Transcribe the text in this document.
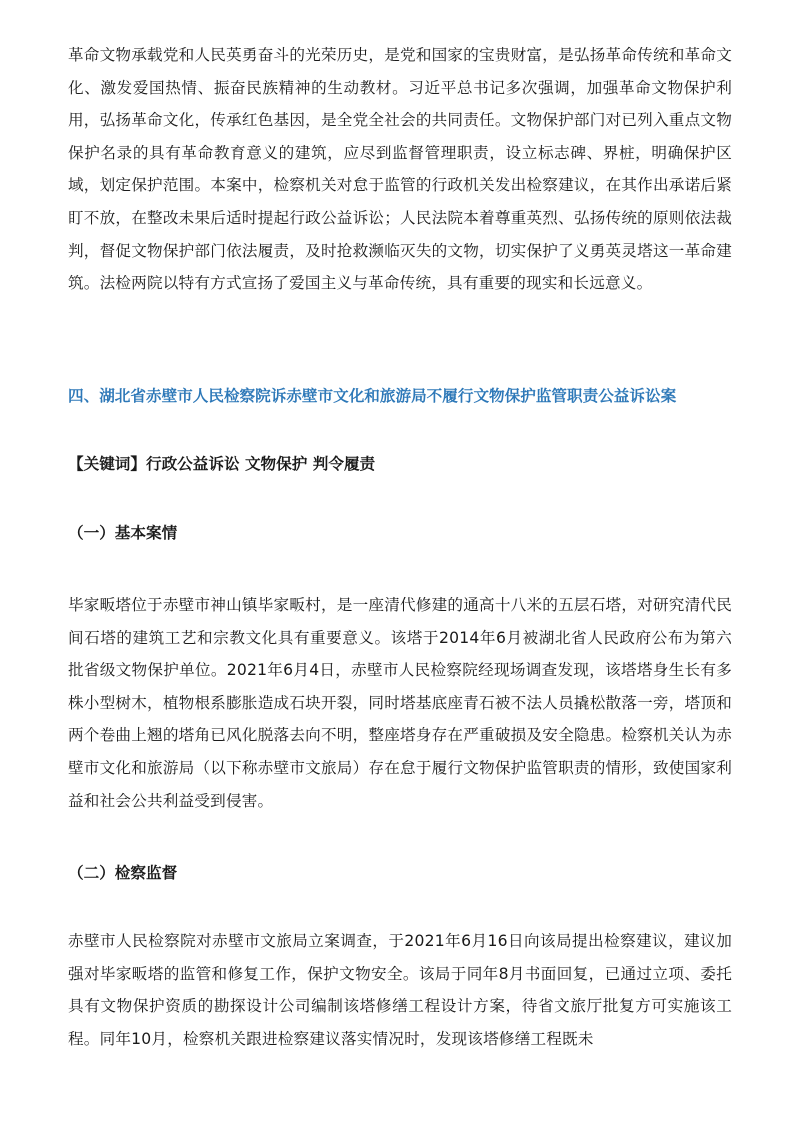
革命文物承载党和人民英勇奋斗的光荣历史，是党和国家的宝贵财富，是弘扬革命传统和革命文化、激发爱国热情、振奋民族精神的生动教材。习近平总书记多次强调，加强革命文物保护利用，弘扬革命文化，传承红色基因，是全党全社会的共同责任。文物保护部门对已列入重点文物保护名录的具有革命教育意义的建筑，应尽到监督管理职责，设立标志碑、界桩，明确保护区域，划定保护范围。本案中，检察机关对怠于监管的行政机关发出检察建议，在其作出承诺后紧盯不放，在整改未果后适时提起行政公益诉讼；人民法院本着尊重英烈、弘扬传统的原则依法裁判，督促文物保护部门依法履责，及时抢救濒临灭失的文物，切实保护了义勇英灵塔这一革命建筑。法检两院以特有方式宣扬了爱国主义与革命传统，具有重要的现实和长远意义。

四、湖北省赤壁市人民检察院诉赤壁市文化和旅游局不履行文物保护监管职责公益诉讼案

【关键词】行政公益诉讼 文物保护 判令履责

（一）基本案情

毕家畈塔位于赤壁市神山镇毕家畈村，是一座清代修建的通高十八米的五层石塔，对研究清代民间石塔的建筑工艺和宗教文化具有重要意义。该塔于2014年6月被湖北省人民政府公布为第六批省级文物保护单位。2021年6月4日，赤壁市人民检察院经现场调查发现，该塔塔身生长有多株小型树木，植物根系膨胀造成石块开裂，同时塔基底座青石被不法人员撬松散落一旁，塔顶和两个卷曲上翘的塔角已风化脱落去向不明，整座塔身存在严重破损及安全隐患。检察机关认为赤壁市文化和旅游局（以下称赤壁市文旅局）存在怠于履行文物保护监管职责的情形，致使国家利益和社会公共利益受到侵害。

（二）检察监督

赤壁市人民检察院对赤壁市文旅局立案调查，于2021年6月16日向该局提出检察建议，建议加强对毕家畈塔的监管和修复工作，保护文物安全。该局于同年8月书面回复，已通过立项、委托具有文物保护资质的勘探设计公司编制该塔修缮工程设计方案，待省文旅厅批复方可实施该工程。同年10月，检察机关跟进检察建议落实情况时，发现该塔修缮工程既未
